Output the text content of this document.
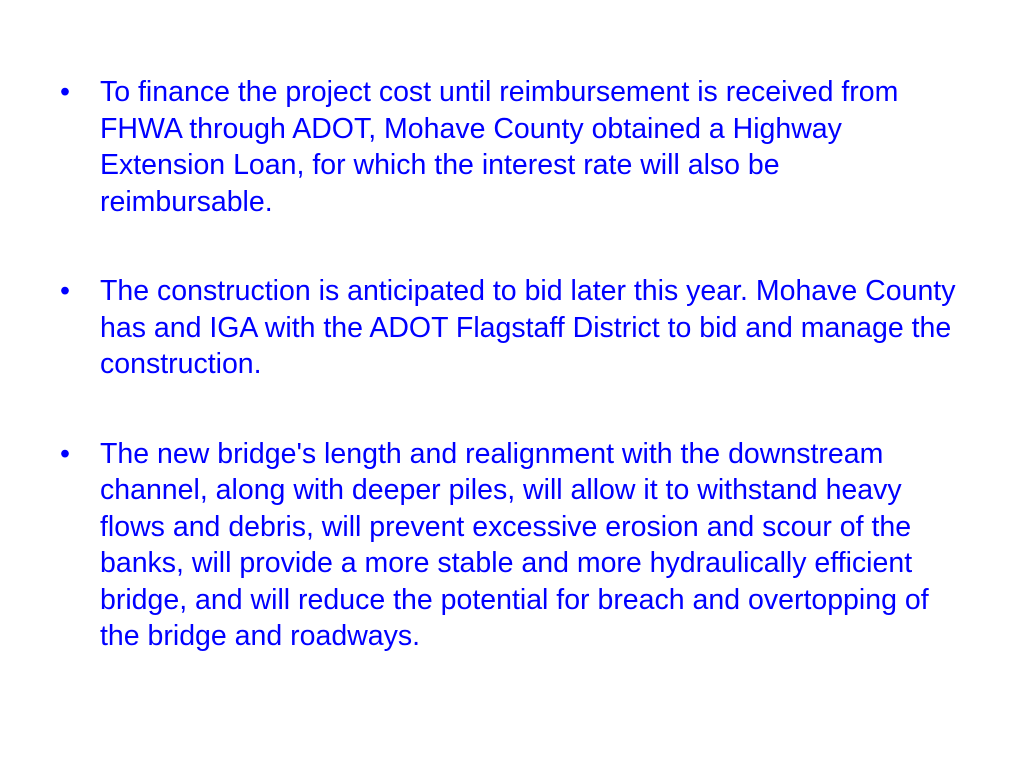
•	To finance the project cost until reimbursement is received from FHWA through ADOT, Mohave County obtained a Highway Extension Loan, for which the interest rate will also be reimbursable.
•	The construction is anticipated to bid later this year. Mohave County has and IGA with the ADOT Flagstaff District to bid and manage the construction.
•	The new bridge's length and realignment with the downstream channel, along with deeper piles, will allow it to withstand heavy flows and debris, will prevent excessive erosion and scour of the banks, will provide a more stable and more hydraulically efficient bridge, and will reduce the potential for breach and overtopping of the bridge and roadways.
